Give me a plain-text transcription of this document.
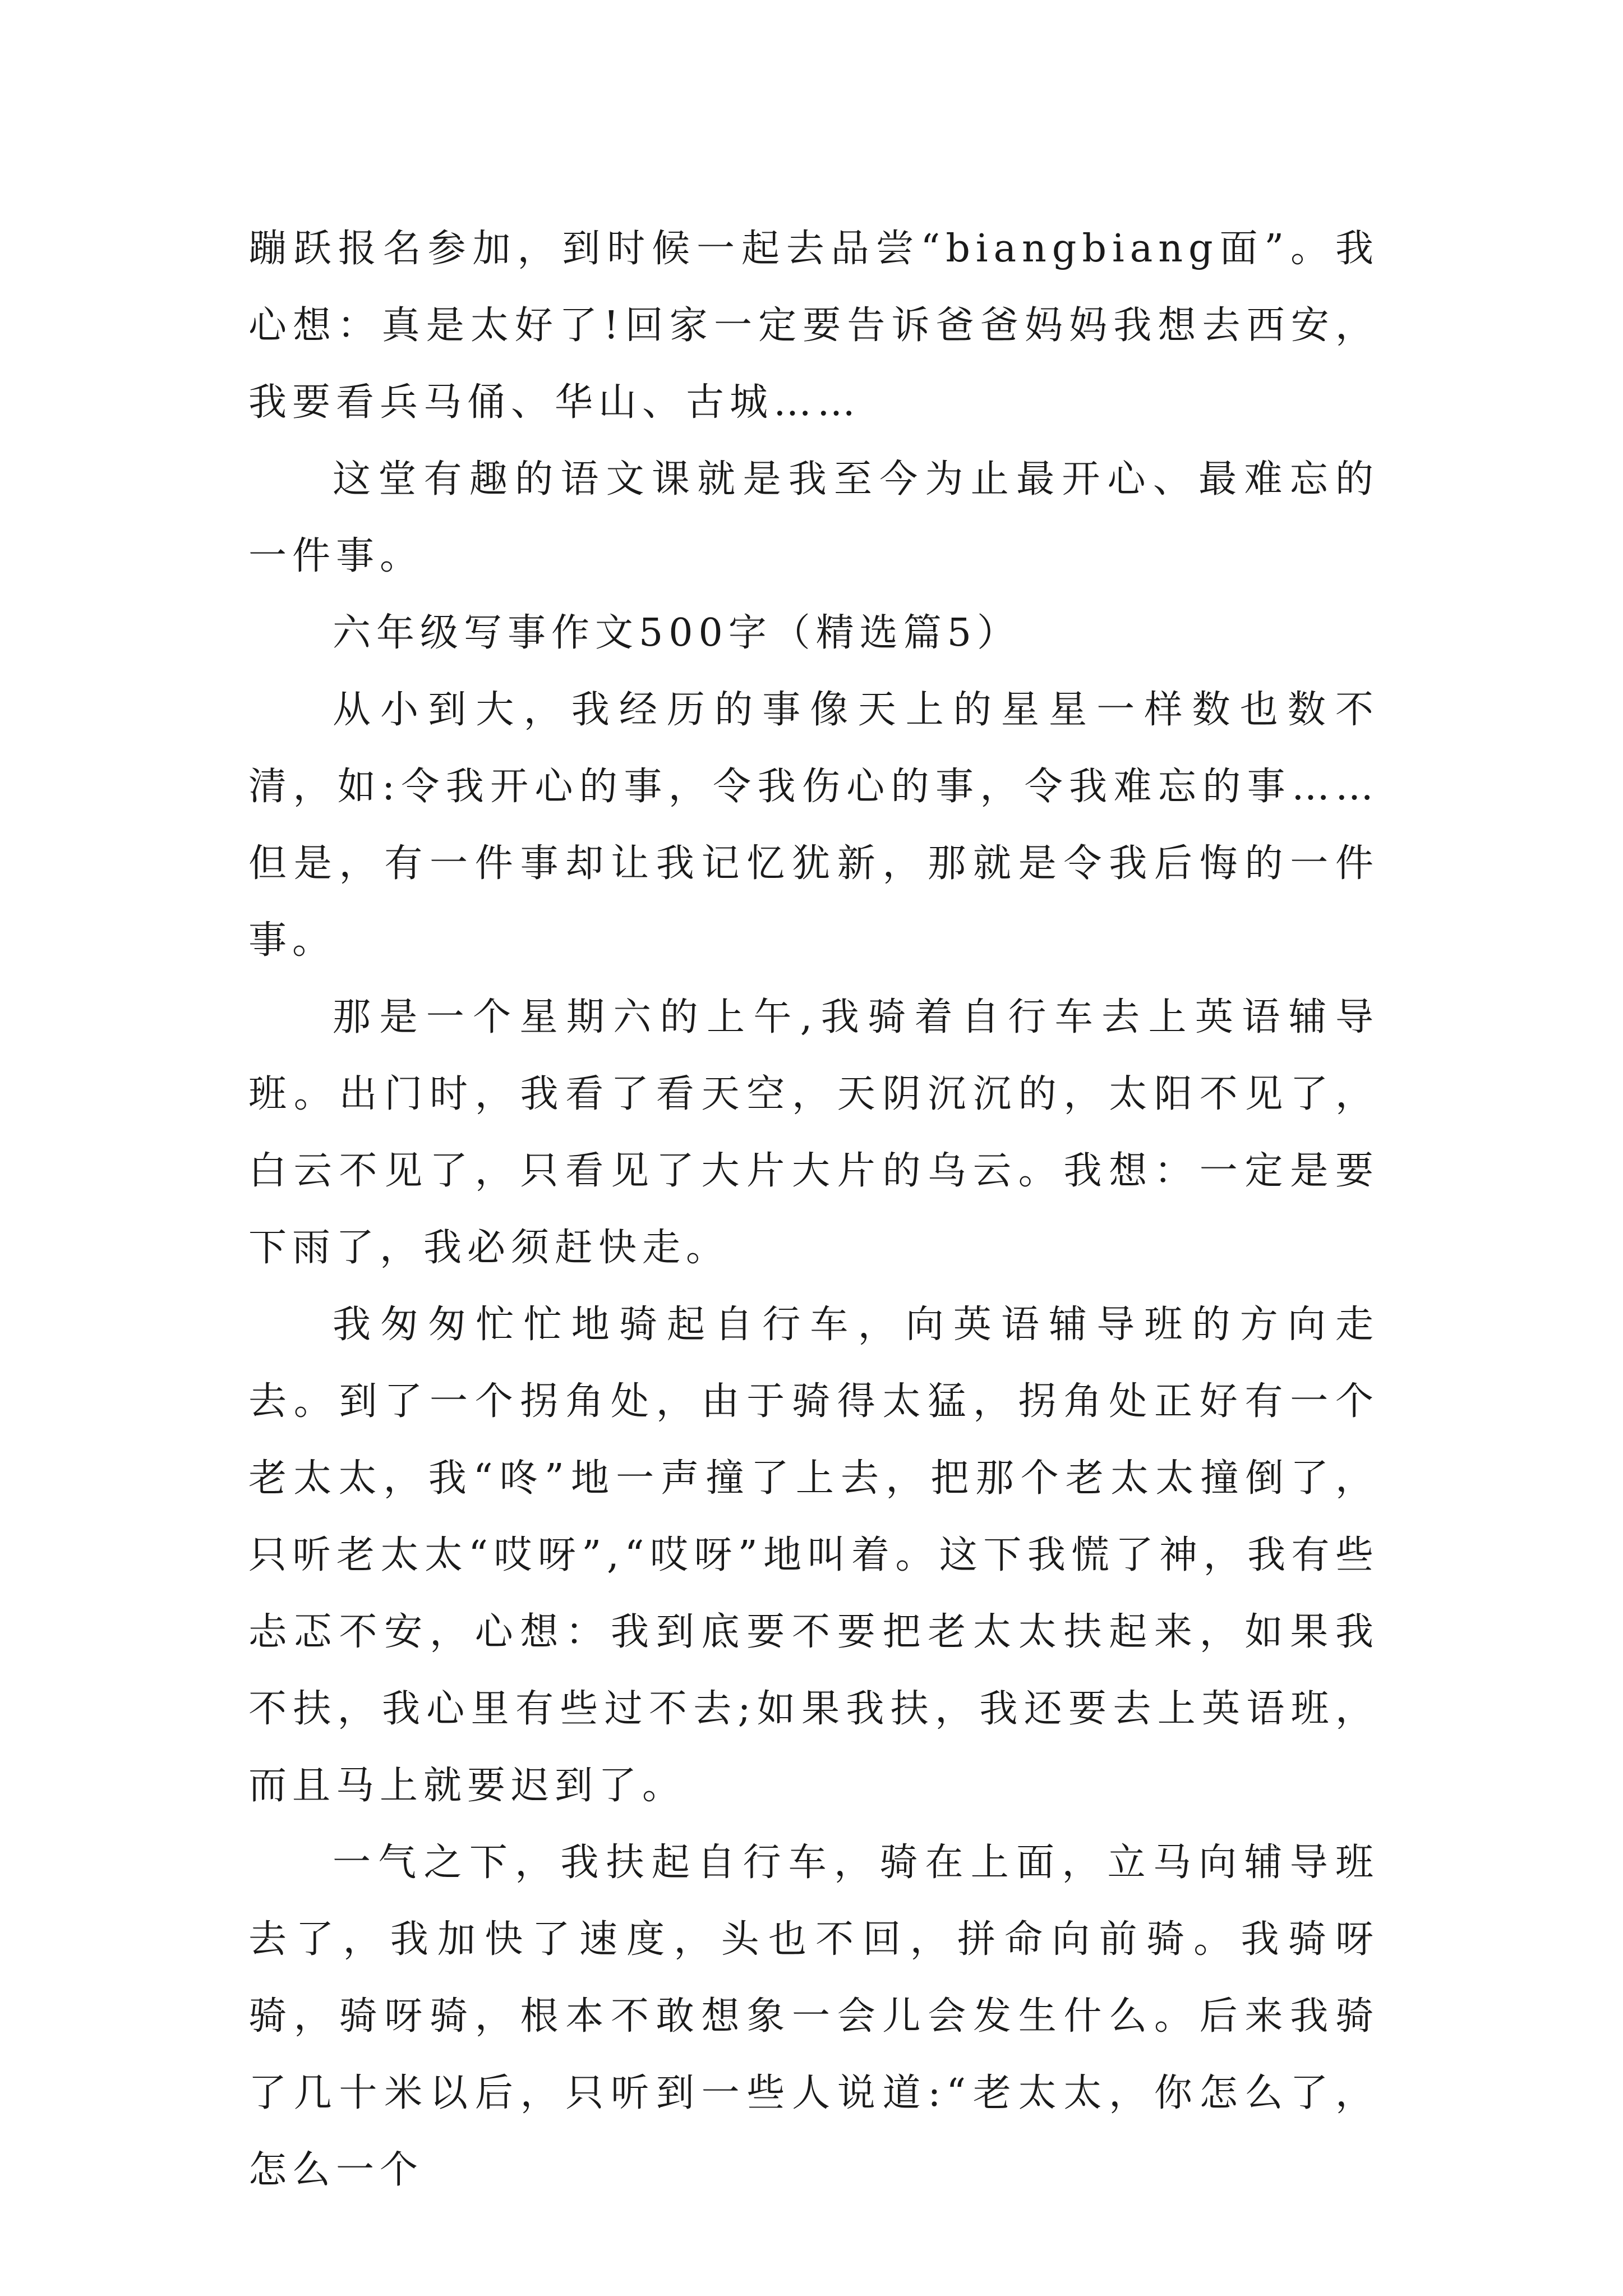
蹦跃报名参加，到时候一起去品尝“biangbiang面”。我心想：真是太好了!回家一定要告诉爸爸妈妈我想去西安，我要看兵马俑、华山、古城……

这堂有趣的语文课就是我至今为止最开心、最难忘的一件事。

六年级写事作文500字（精选篇5）

从小到大，我经历的事像天上的星星一样数也数不清，如:令我开心的事，令我伤心的事，令我难忘的事……但是，有一件事却让我记忆犹新，那就是令我后悔的一件事。

那是一个星期六的上午,我骑着自行车去上英语辅导班。出门时，我看了看天空，天阴沉沉的，太阳不见了，白云不见了，只看见了大片大片的乌云。我想：一定是要下雨了，我必须赶快走。

我匆匆忙忙地骑起自行车，向英语辅导班的方向走去。到了一个拐角处，由于骑得太猛，拐角处正好有一个老太太，我“咚”地一声撞了上去，把那个老太太撞倒了，只听老太太“哎呀”,“哎呀”地叫着。这下我慌了神，我有些忐忑不安，心想：我到底要不要把老太太扶起来，如果我不扶，我心里有些过不去;如果我扶，我还要去上英语班，而且马上就要迟到了。

一气之下，我扶起自行车，骑在上面，立马向辅导班去了，我加快了速度，头也不回，拼命向前骑。我骑呀骑，骑呀骑，根本不敢想象一会儿会发生什么。后来我骑了几十米以后，只听到一些人说道:“老太太，你怎么了，怎么一个
